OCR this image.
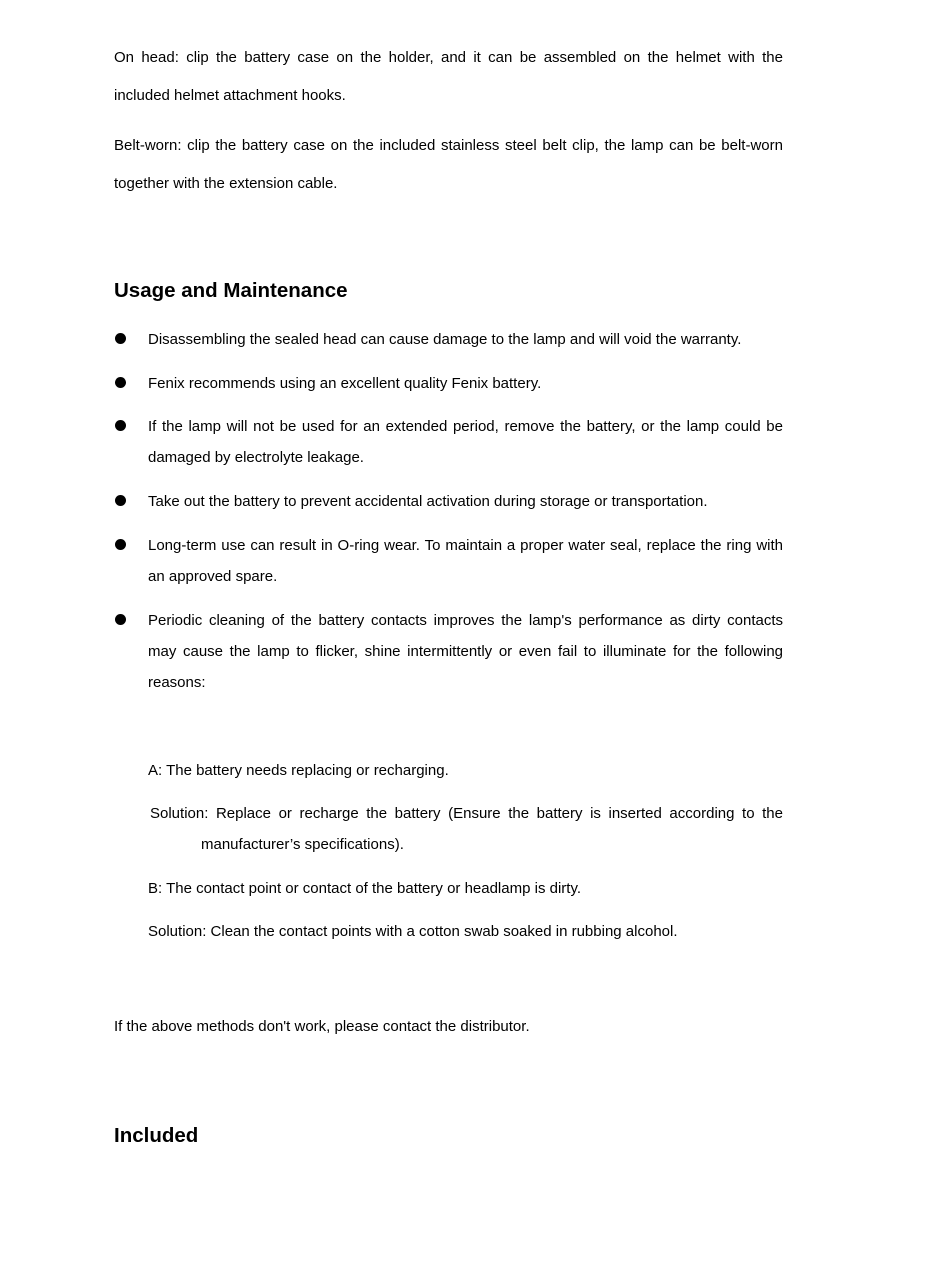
On head: clip the battery case on the holder, and it can be assembled on the helmet with the included helmet attachment hooks.

Belt-worn: clip the battery case on the included stainless steel belt clip, the lamp can be belt-worn together with the extension cable.

Usage and Maintenance

Disassembling the sealed head can cause damage to the lamp and will void the warranty.

Fenix recommends using an excellent quality Fenix battery.

If the lamp will not be used for an extended period, remove the battery, or the lamp could be damaged by electrolyte leakage.

Take out the battery to prevent accidental activation during storage or transportation.

Long-term use can result in O-ring wear. To maintain a proper water seal, replace the ring with an approved spare.

Periodic cleaning of the battery contacts improves the lamp's performance as dirty contacts may cause the lamp to flicker, shine intermittently or even fail to illuminate for the following reasons:

A: The battery needs replacing or recharging.

Solution: Replace or recharge the battery (Ensure the battery is inserted according to the
manufacturer’s specifications).

B: The contact point or contact of the battery or headlamp is dirty.

Solution: Clean the contact points with a cotton swab soaked in rubbing alcohol.

If the above methods don't work, please contact the distributor.

Included
